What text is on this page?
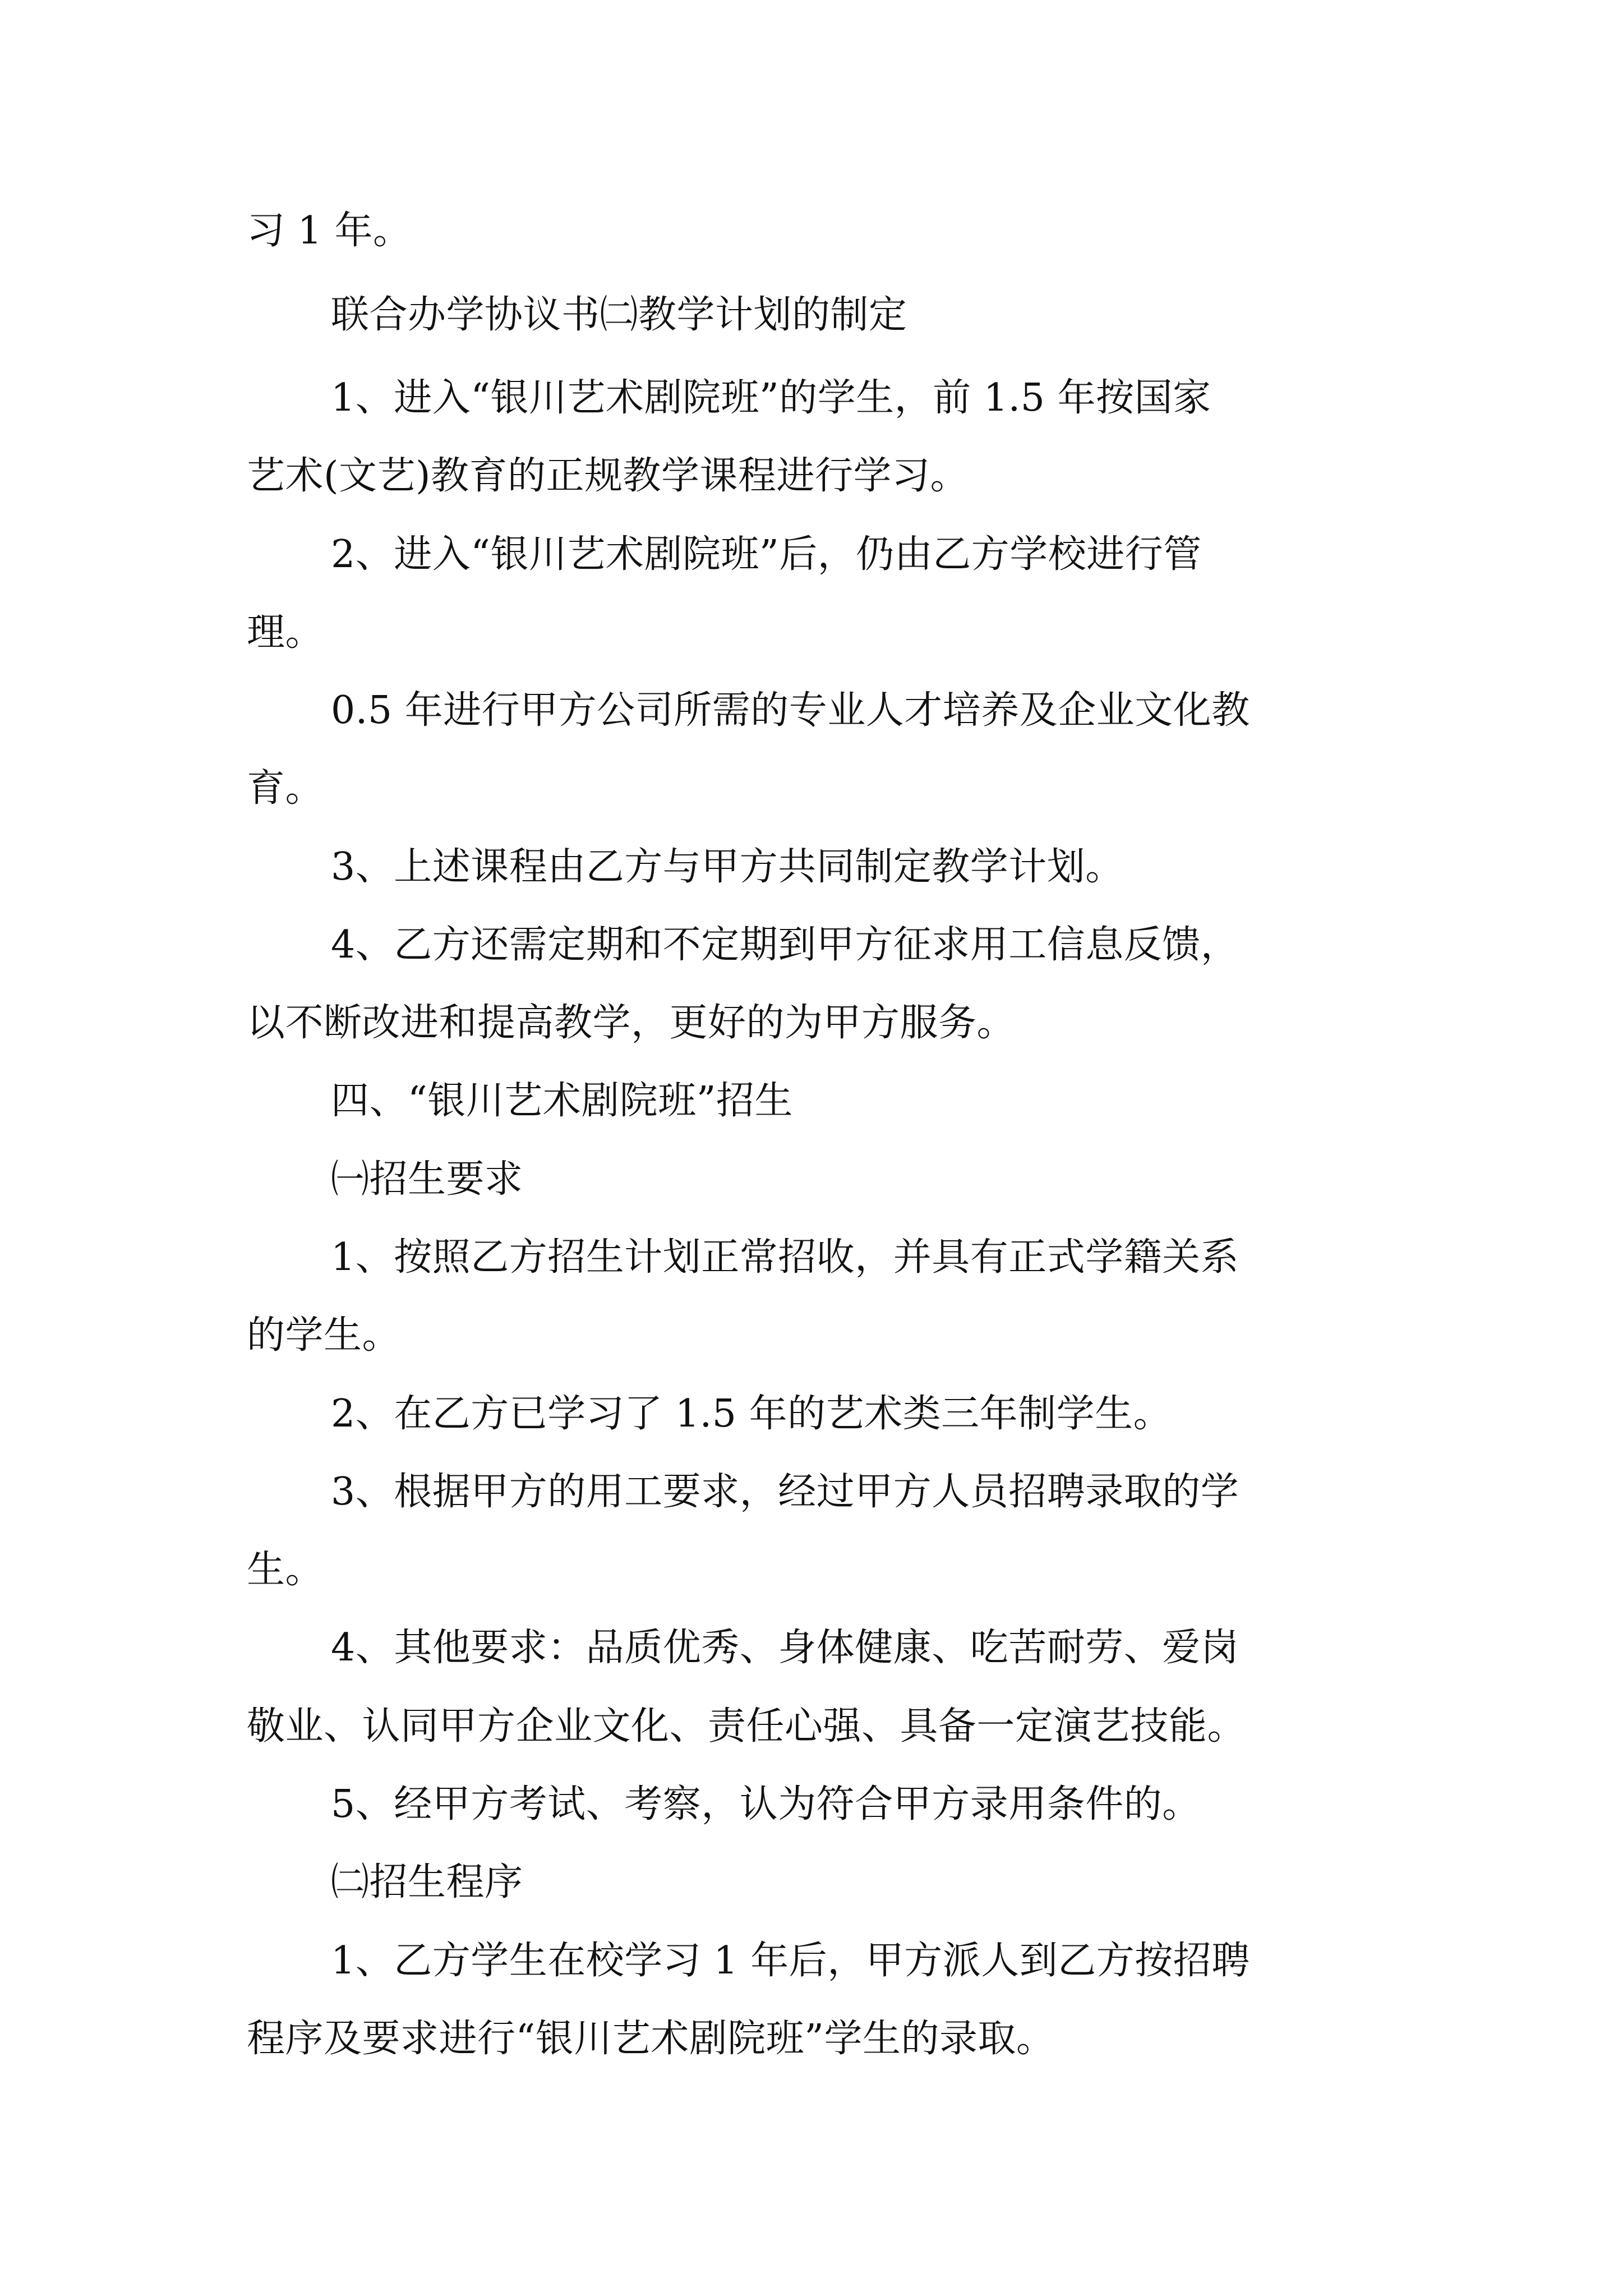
习 1 年。
联合办学协议书㈡教学计划的制定
1、进入“银川艺术剧院班”的学生，前 1.5 年按国家
艺术(文艺)教育的正规教学课程进行学习。
2、进入“银川艺术剧院班”后，仍由乙方学校进行管
理。
0.5 年进行甲方公司所需的专业人才培养及企业文化教
育。
3、上述课程由乙方与甲方共同制定教学计划。
4、乙方还需定期和不定期到甲方征求用工信息反馈，
以不断改进和提高教学，更好的为甲方服务。
四、“银川艺术剧院班”招生
㈠招生要求
1、按照乙方招生计划正常招收，并具有正式学籍关系
的学生。
2、在乙方已学习了 1.5 年的艺术类三年制学生。
3、根据甲方的用工要求，经过甲方人员招聘录取的学
生。
4、其他要求：品质优秀、身体健康、吃苦耐劳、爱岗
敬业、认同甲方企业文化、责任心强、具备一定演艺技能。
5、经甲方考试、考察，认为符合甲方录用条件的。
㈡招生程序
1、乙方学生在校学习 1 年后，甲方派人到乙方按招聘
程序及要求进行“银川艺术剧院班”学生的录取。
